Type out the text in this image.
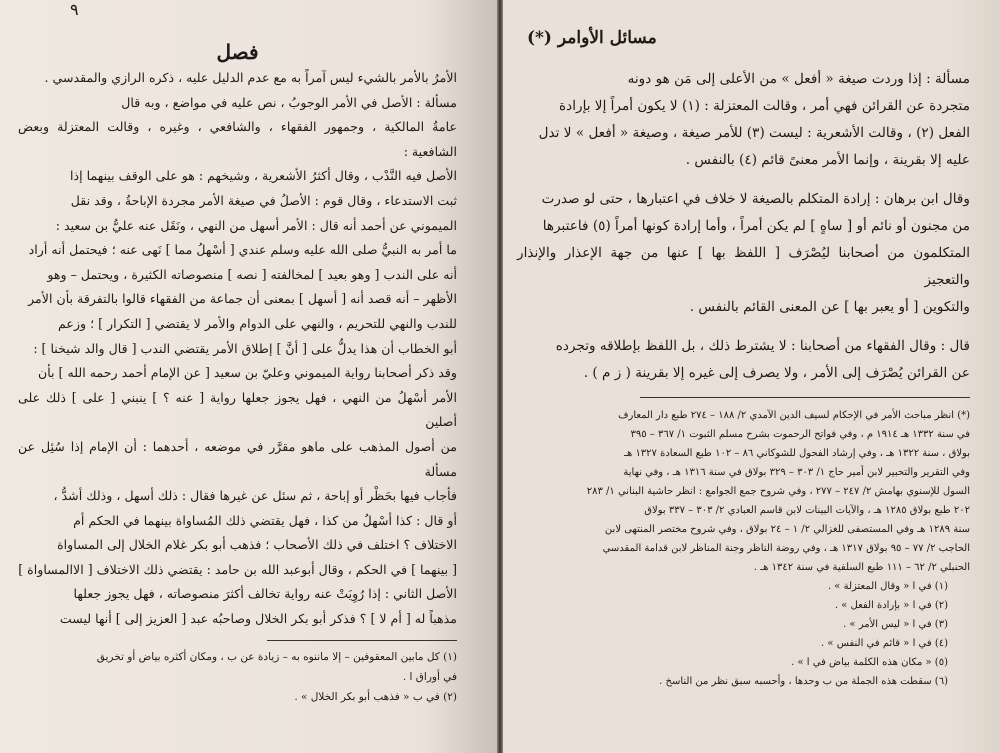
٩
فصل

الأمرُ بالأمر بالشيء ليس آمراً به مع عدم الدليل عليه ، ذكره الرازي والمقدسي .

مسألة : الأصل في الأمر الوجوبُ ، نص عليه في مواضع ، وبه قال

عامةُ المالكية ، وجمهور الفقهاء ، والشافعي ، وغيره ، وقالت المعتزلة وبعض الشافعية :

الأصل فيه النَّدْب ، وقال أكثرُ الأشعرية ، وشيخهم : هو على الوقف بينهما إذا

ثبت الاستدعاء ، وقال قوم : الأصلُ في صيغة الأمر مجردة الإباحةُ ، وقد نقل

الميموني عن أحمد أنه قال : الأمر أسهل من النهي ، ونَقَل عنه عليُّ بن سعيد :

ما أمر به النبيُّ صلى الله عليه وسلم عندي [ أسْهلُ مما ] نَهى عنه ؛ فيحتمل أنه أراد

أنه على الندب [ وهو بعيد ] لمخالفته [ نصه ] منصوصاته الكثيرة ، ويحتمل – وهو

الأظهر – أنه قصد أنه [ أسهل ] بمعنى أن جماعة من الفقهاء قالوا بالتفرقة بأن الأمر

للندب والنهي للتحريم ، والنهي على الدوام والأمر لا يقتضي [ التكرار ] ؛ وزعم

أبو الخطاب أن هذا يدلُّ على [ أنَّ ] إطلاق الأمر يقتضي الندب [ قال والد شيخنا ] :

وقد ذكر أصحابنا رواية الميموني وعليّ بن سعيد [ عن الإمام أحمد رحمه الله ] بأن

الأمر أسْهلُ من النهي ، فهل يجوز جعلها رواية [ عنه ؟ ] ينبني [ على ] ذلك على أصلين

من أصول المذهب على ماهو مقرَّر في موضعه ، أحدهما : أن الإمام إذا سُئِل عن مسألة

فأجاب فيها بحَظْر أو إباحة ، ثم سئل عن غيرها فقال : ذلك أسهل ، وذلك أشدُّ ،

أو قال : كذا أسْهلُ من كذا ، فهل يقتضي ذلك المُساواة بينهما في الحكم أم

الاختلاف ؟ اختلف في ذلك الأصحاب ؛ فذهب أبو بكر غلام الخلال إلى المساواة

[ بينهما ] في الحكم ، وقال أبوعبد الله بن حامد : يقتضي ذلك الاختلاف [ الاالمساواة ]

الأصل الثاني : إذا رُوِيَتْ عنه رواية تخالف أكثرَ منصوصاته ، فهل يجوز جعلها

مذهباً له [ أم لا ] ؟ فذكر أبو بكر الخلال وصاحبُه عبد [ العزيز إلى ] أنها ليست

(١) كل مابين المعقوفين – إلا ماننوه به – زيادة عن ب ، ومكان أكثره بياض أو تخريق

في أوراق ا .

(٢) في ب « فذهب أبو بكر الخلال » .

مسائل الأوامر (*)

مسألة : إذا وردت صيغة « أفعل » من الأعلى إلى مَن هو دونه

متجردة عن القرائن فهي أمر ، وقالت المعتزلة : (١) لا يكون أمراً إلا بإرادة

الفعل (٢) ، وقالت الأشعرية : ليست (٣) للأمر صيغة ، وصيغة « أفعل » لا تدل

عليه إلا بقرينة ، وإنما الأمر معنىً قائم (٤) بالنفس .

وقال ابن برهان : إرادة المتكلم بالصيغة لا خلاف في اعتبارها ، حتى لو صدرت

من مجنون أو نائم أو [ ساهٍ ] لم يكن أمراً ، وأما إرادة كونها أمراً (٥) فاعتبرها

المتكلمون من أصحابنا ليُصْرَف [ اللفظ بها ] عنها من جهة الإعذار والإنذار والتعجيز

والتكوين [ أو يعبر بها ] عن المعنى القائم بالنفس .

قال : وقال الفقهاء من أصحابنا : لا يشترط ذلك ، بل اللفظ بإطلاقه وتجرده

عن القرائن يُصْرَف إلى الأمر ، ولا يصرف إلى غيره إلا بقرينة ( ز م ) .

(*) انظر مباحث الأمر في الإحكام لسيف الدين الآمدي ٢/ ١٨٨ – ٢٧٤ طبع دار المعارف

في سنة ١٣٣٢ هـ ١٩١٤ م ، وفي فواتح الرحموت بشرح مسلم الثبوت ١/ ٣٦٧ – ٣٩٥

بولاق ، سنة ١٣٢٢ هـ ، وفي إرشاد الفحول للشوكاني ٨٦ – ١٠٢ طبع السعادة ١٣٢٧ هـ

وفي التقرير والتحبير لابن أمير حاج ١/ ٣٠٣ – ٣٢٩ بولاق في سنة ١٣١٦ هـ ، وفي نهاية

السول للإسنوي بهامش ٢/ ٢٤٧ – ٢٧٧ ، وفي شروح جمع الجوامع : انظر حاشية البناني ١/ ٢٨٣

٢٠٢ طبع بولاق ١٢٨٥ هـ ، والآيات البينات لابن قاسم العبادي ٢/ ٣٠٣ – ٣٣٧ بولاق

سنة ١٢٨٩ هـ وفي المستصفى للغزالي ٢/ ١ – ٢٤ بولاق ، وفي شروح مختصر المنتهى لابن

الحاجب ٢/ ٧٧ – ٩٥ بولاق ١٣١٧ هـ ، وفي روضة الناظر وجنة المناظر لابن قدامة المقدسي

الحنبلي ٢/ ٦٢ – ١١١ طبع السلفية في سنة ١٣٤٢ هـ .

(١) في ا « وقال المعتزلة » .

(٢) في ا « بإرادة الفعل » .

(٣) في ا « ليس الأمر » .

(٤) في ا « قائم في النفس » .

(٥) « مكان هذه الكلمة بياض في ا » .

(٦) سقطت هذه الجملة من ب وحدها ، وأحسبه سبق نظر من الناسخ .
